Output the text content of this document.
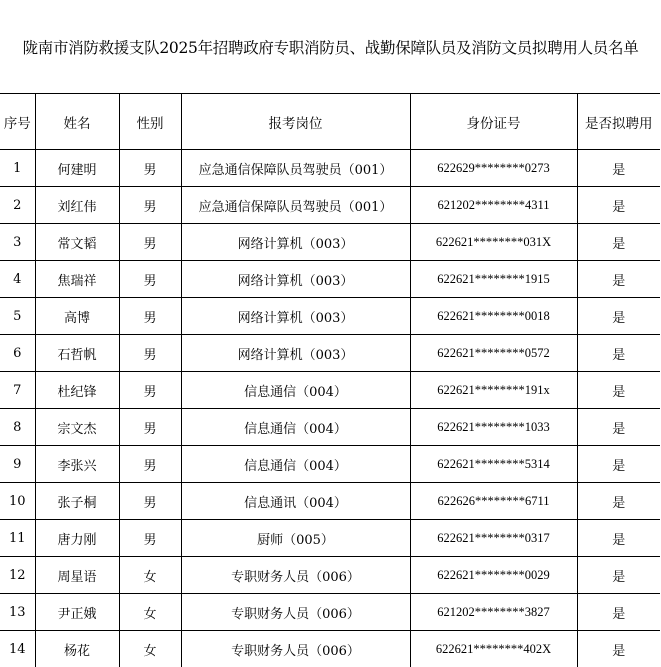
陇南市消防救援支队2025年招聘政府专职消防员、战勤保障队员及消防文员拟聘用人员名单
序号	姓名	性别	报考岗位	身份证号	是否拟聘用
1	何建明	男	应急通信保障队员驾驶员（001）	622629********0273	是
2	刘红伟	男	应急通信保障队员驾驶员（001）	621202********4311	是
3	常文韬	男	网络计算机（003）	622621********031X	是
4	焦瑞祥	男	网络计算机（003）	622621********1915	是
5	高博	男	网络计算机（003）	622621********0018	是
6	石哲帆	男	网络计算机（003）	622621********0572	是
7	杜纪锋	男	信息通信（004）	622621********191x	是
8	宗文杰	男	信息通信（004）	622621********1033	是
9	李张兴	男	信息通信（004）	622621********5314	是
10	张子桐	男	信息通讯（004）	622626********6711	是
11	唐力刚	男	厨师（005）	622621********0317	是
12	周星语	女	专职财务人员（006）	622621********0029	是
13	尹正娥	女	专职财务人员（006）	621202********3827	是
14	杨花	女	专职财务人员（006）	622621********402X	是
